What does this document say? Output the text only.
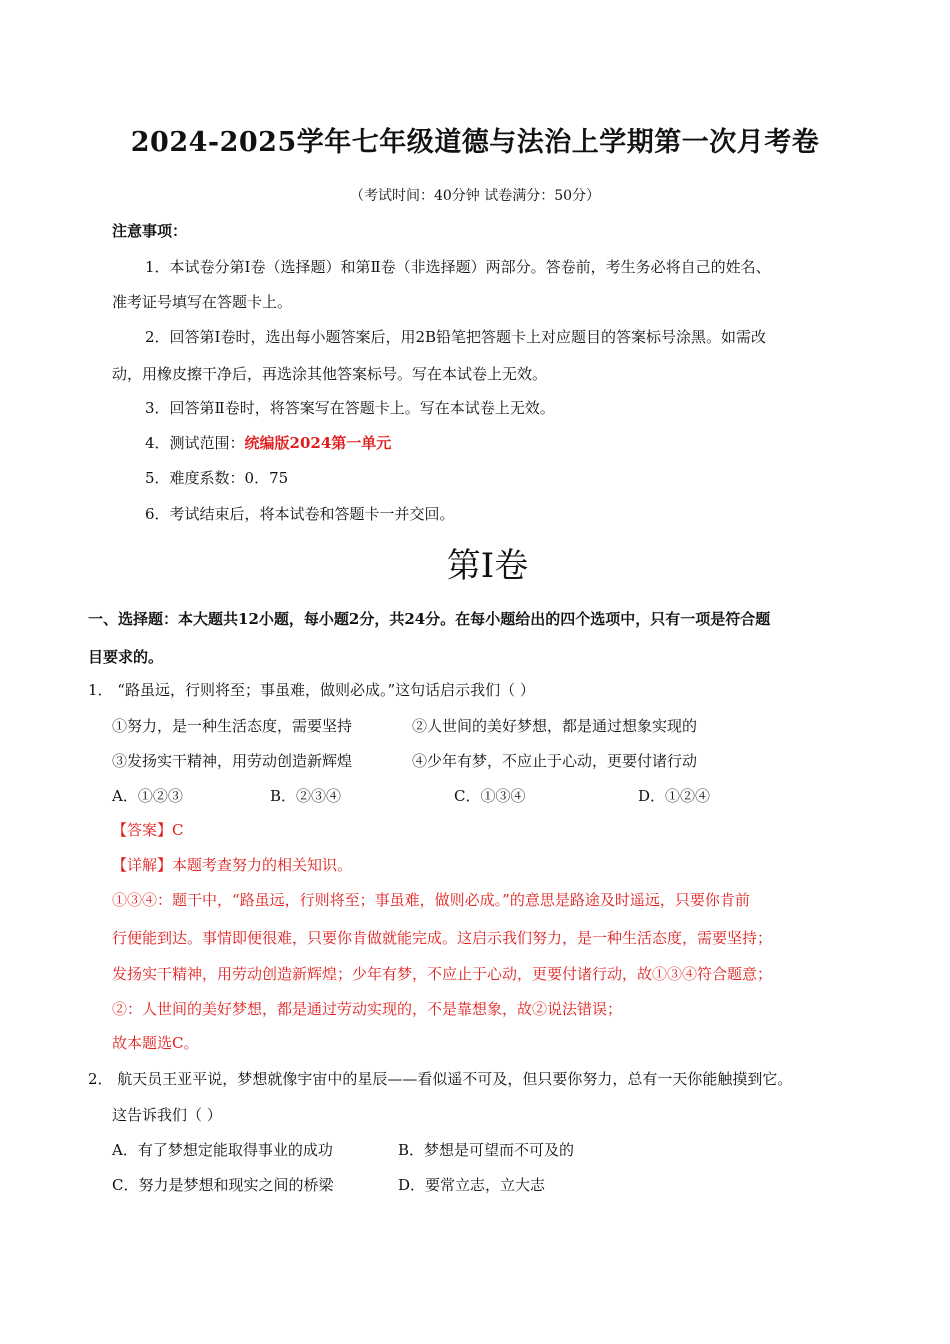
2024-2025学年七年级道德与法治上学期第一次月考卷
（考试时间：40分钟 试卷满分：50分）
注意事项：
1．本试卷分第Ⅰ卷（选择题）和第Ⅱ卷（非选择题）两部分。答卷前，考生务必将自己的姓名、
准考证号填写在答题卡上。
2．回答第Ⅰ卷时，选出每小题答案后，用2B铅笔把答题卡上对应题目的答案标号涂黑。如需改
动，用橡皮擦干净后，再选涂其他答案标号。写在本试卷上无效。
3．回答第Ⅱ卷时，将答案写在答题卡上。写在本试卷上无效。
4．测试范围：统编版2024第一单元
5．难度系数：0．75
6．考试结束后，将本试卷和答题卡一并交回。
第Ⅰ卷
一、选择题：本大题共12小题，每小题2分，共24分。在每小题给出的四个选项中，只有一项是符合题
目要求的。
1． “路虽远，行则将至；事虽难，做则必成。”这句话启示我们（ ）
①努力，是一种生活态度，需要坚持	②人世间的美好梦想，都是通过想象实现的
③发扬实干精神，用劳动创造新辉煌	④少年有梦，不应止于心动，更要付诸行动
A．①②③	B．②③④	C．①③④	D．①②④
【答案】C
【详解】本题考查努力的相关知识。
①③④：题干中，“路虽远，行则将至；事虽难，做则必成。”的意思是路途及时遥远，只要你肯前
行便能到达。事情即便很难，只要你肯做就能完成。这启示我们努力，是一种生活态度，需要坚持；
发扬实干精神，用劳动创造新辉煌；少年有梦，不应止于心动，更要付诸行动，故①③④符合题意；
②：人世间的美好梦想，都是通过劳动实现的，不是靠想象，故②说法错误；
故本题选C。
2． 航天员王亚平说，梦想就像宇宙中的星辰——看似遥不可及，但只要你努力，总有一天你能触摸到它。
这告诉我们（ ）
A．有了梦想定能取得事业的成功	B．梦想是可望而不可及的
C．努力是梦想和现实之间的桥梁	D．要常立志，立大志
